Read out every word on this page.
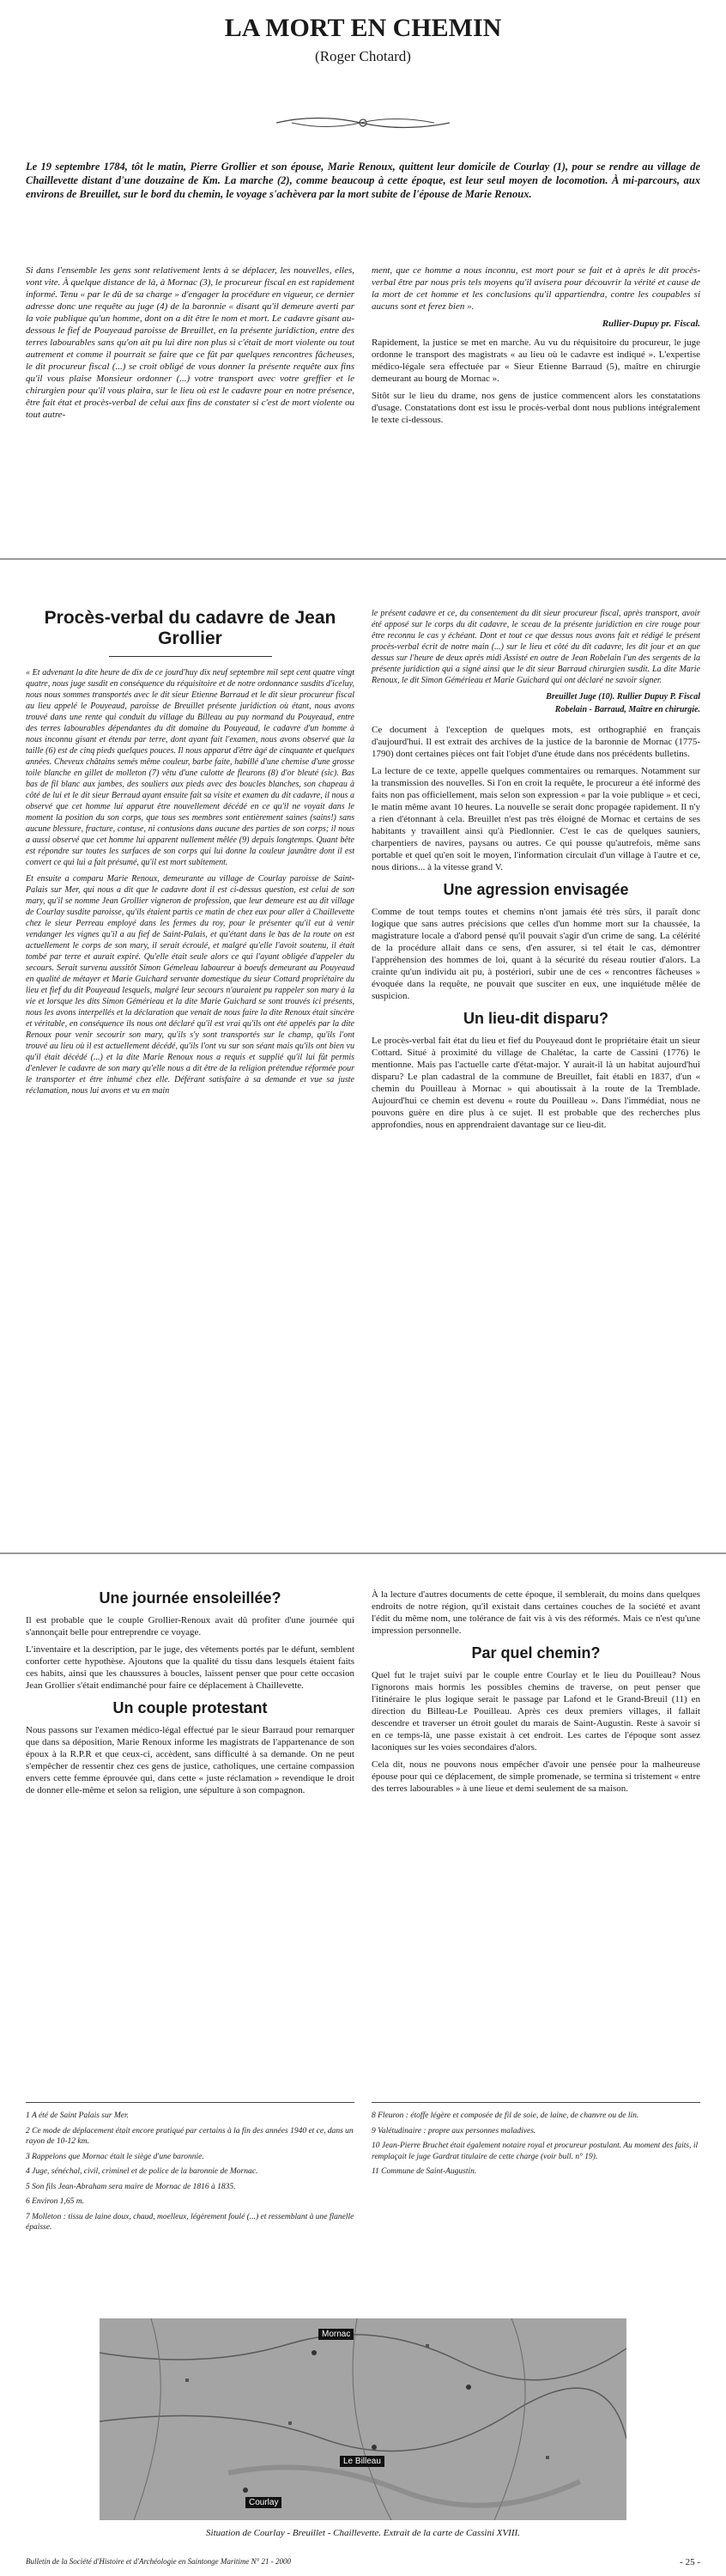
LA MORT EN CHEMIN
(Roger Chotard)
Le 19 septembre 1784, tôt le matin, Pierre Grollier et son épouse, Marie Renoux, quittent leur domicile de Courlay (1), pour se rendre au village de Chaillevette distant d'une douzaine de Km. La marche (2), comme beaucoup à cette époque, est leur seul moyen de locomotion. À mi-parcours, aux environs de Breuillet, sur le bord du chemin, le voyage s'achèvera par la mort subite de l'épouse de Marie Renoux.

Si dans l'ensemble les gens sont relativement lents à se déplacer, les nouvelles, elles, vont vite. À quelque distance de là, à Mornac (3), le procureur fiscal en est rapidement informé. Tenu « par le dû de sa charge » d'engager la procédure en vigueur, ce dernier adresse donc une requête au juge (4) de la baronnie « disant qu'il demeure averti par la voie publique qu'un homme, dont on a dit être le nom et mort. Le cadavre gisant au-dessous le fief de Pouyeaud paroisse de Breuillet, en la présente juridiction, entre des terres labourables sans qu'on ait pu lui dire non plus si c'était de mort violente ou tout autrement et comme il pourrait se faire que ce fût par quelques rencontres fâcheuses, le dit procureur fiscal (...) se croit obligé de vous donner la présente requête aux fins qu'il vous plaise Monsieur ordonner (...) votre transport avec votre greffier et le chirurgien pour qu'il vous plaira, sur le lieu où est le cadavre pour en notre présence, être fait état et procès-verbal de celui aux fins de constater si c'est de mort violente ou tout autre-

ment, que ce homme a nous inconnu, est mort pour se fait et à après le dit procès-verbal être par nous pris tels moyens qu'il avisera pour découvrir la vérité et cause de la mort de cet homme et les conclusions qu'il appartiendra, contre les coupables si aucuns sont et ferez bien ».

Rullier-Dupuy pr. Fiscal.

Rapidement, la justice se met en marche. Au vu du réquisitoire du procureur, le juge ordonne le transport des magistrats « au lieu où le cadavre est indiqué ». L'expertise médico-légale sera effectuée par « Sieur Etienne Barraud (5), maître en chirurgie demeurant au bourg de Mornac ».

Sitôt sur le lieu du drame, nos gens de justice commencent alors les constatations d'usage. Constatations dont est issu le procès-verbal dont nous publions intégralement le texte ci-dessous.

Procès-verbal du cadavre de Jean Grollier

« Et advenant la dite heure de dix de ce jourd'huy dix neuf septembre mil sept cent quatre vingt quatre, nous juge susdit en conséquence du réquisitoire et de notre ordonnance susdits d'iceluy, nous nous sommes transportés avec le dit sieur Etienne Barraud et le dit sieur procureur fiscal au lieu appelé le Pouyeaud, paroisse de Breuillet présente juridiction où étant, nous avons trouvé dans une rente qui conduit du village du Billeau au puy normand du Pouyeaud, entre des terres labourables dépendantes du dit domaine du Pouyeaud, le cadavre d'un homme à nous inconnu gisant et étendu par terre, dont ayant fait l'examen, nous avons observé que la taille (6) est de cinq pieds quelques pouces. Il nous apparut d'être âgé de cinquante et quelques années. Cheveux châtains semés même couleur, barbe faite, habillé d'une chemise d'une grosse toile blanche en gillet de molleton (7) vêtu d'une culotte de fleurons (8) d'or bleuté (sic). Bas bas de fil blanc aux jambes, des souliers aux pieds avec des boucles blanches, son chapeau à côté de lui et le dit sieur Berraud ayant ensuite fait sa visite et examen du dit cadavre, il nous a observé que cet homme lui apparut être nouvellement décédé en ce qu'il ne voyait dans le moment la position du son corps, que tous ses membres sont entièrement saines (sains!) sans aucune blessure, fracture, contuse, ni contusions dans aucune des parties de son corps; il nous a aussi observé que cet homme lui apparent nullement mêlée (9) depuis longtemps. Quant bête est répondre sur toutes les surfaces de son corps qui lui donne la couleur jaunâtre dont il est convert ce qui lui a fait présumé, qu'il est mort subitement.

Et ensuite a comparu Marie Renoux, demeurante au village de Courlay paroisse de Saint-Palais sur Mer, qui nous a dit que le cadavre dont il est ci-dessus question, est celui de son mary, qu'il se nomme Jean Grollier vigneron de profession, que leur demeure est au dit village de Courlay susdite paroisse, qu'ils étaient partis ce matin de chez eux pour aller à Chaillevette chez le sieur Perreau employé dans les fermes du roy, pour le présenter qu'il eut à venir vendanger les vignes qu'il a au fief de Saint-Palais, et qu'étant dans le bas de la route on est actuellement le corps de son mary, il serait écroulé, et malgré qu'elle l'avoit soutenu, il était tombé par terre et aurait expiré. Qu'elle était seule alors ce qui l'ayant obligée d'appeler du secours. Serait survenu aussitôt Simon Gémeleau laboureur à boeufs demeurant au Pouyeaud en qualité de métayer et Marie Guichard servante domestique du sieur Cottard propriétaire du lieu et fief du dit Pouyeaud lesquels, malgré leur secours n'auraient pu rappeler son mary à la vie et lorsque les dits Simon Gémérieau et la dite Marie Guichard se sont trouvés ici présents, nous les avons interpellés et la déclaration que venait de nous faire la dite Renoux était sincère et véritable, en conséquence ils nous ont déclaré qu'il est vrai qu'ils ont été appelés par la dite Renoux pour venir secourir son mary, qu'ils s'y sont transportés sur le champ, qu'ils l'ont trouvé au lieu où il est actuellement décédé, qu'ils l'ont vu sur son séant mais qu'ils ont bien vu qu'il était décédé (...) et la dite Marie Renoux nous a requis et supplié qu'il lui fût permis d'enlever le cadavre de son mary qu'elle nous a dit être de la religion prétendue réformée pour le transporter et être inhumé chez elle. Déférant satisfaire à sa demande et vue sa juste réclamation, nous lui avons et vu en main

le présent cadavre et ce, du consentement du dit sieur procureur fiscal, après transport, avoir été apposé sur le corps du dit cadavre, le sceau de la présente juridiction en cire rouge pour être reconnu le cas y échéant. Dont et tout ce que dessus nous avons fait et rédigé le présent procès-verbal écrit de notre main (...) sur le lieu et côté du dit cadavre, les dit jour et an que dessus sur l'heure de deux après midi Assisté en outre de Jean Robelain l'un des sergents de la présente juridiction qui a signé ainsi que le dit sieur Barraud chirurgien susdit. La dite Marie Renoux, le dit Simon Gémérieau et Marie Guichard qui ont déclaré ne savoir signer.

Breuillet Juge (10). Rullier Dupuy P. Fiscal

Robelain - Barraud, Maître en chirurgie.

Ce document à l'exception de quelques mots, est orthographié en français d'aujourd'hui. Il est extrait des archives de la justice de la baronnie de Mornac (1775-1790) dont certaines pièces ont fait l'objet d'une étude dans nos précédents bulletins.

La lecture de ce texte, appelle quelques commentaires ou remarques. Notamment sur la transmission des nouvelles. Si l'on en croit la requête, le procureur a été informé des faits non pas officiellement, mais selon son expression « par la voie publique » et ceci, le matin même avant 10 heures. La nouvelle se serait donc propagée rapidement. Il n'y a rien d'étonnant à cela. Breuillet n'est pas très éloigné de Mornac et certains de ses habitants y travaillent ainsi qu'à Piedlonnier. C'est le cas de quelques sauniers, charpentiers de navires, paysans ou autres. Ce qui pousse qu'autrefois, même sans portable et quel qu'en soit le moyen, l'information circulait d'un village à l'autre et ce, nous dirions... à la vitesse grand V.

Une agression envisagée

Comme de tout temps toutes et chemins n'ont jamais été très sûrs, il paraît donc logique que sans autres précisions que celles d'un homme mort sur la chaussée, la magistrature locale a d'abord pensé qu'il pouvait s'agir d'un crime de sang. La célérité de la procédure allait dans ce sens, d'en assurer, si tel était le cas, démontrer l'appréhension des hommes de loi, quant à la sécurité du réseau routier d'alors. La crainte qu'un individu ait pu, à postériori, subir une de ces « rencontres fâcheuses » évoquée dans la requête, ne pouvait que susciter en eux, une inquiétude mêlée de suspicion.

Un lieu-dit disparu?

Le procès-verbal fait état du lieu et fief du Pouyeaud dont le propriétaire était un sieur Cottard. Situé à proximité du village de Chalétac, la carte de Cassini (1776) le mentionne. Mais pas l'actuelle carte d'état-major. Y aurait-il là un habitat aujourd'hui disparu? Le plan cadastral de la commune de Breuillet, fait établi en 1837, d'un « chemin du Pouilleau à Mornac » qui aboutissait à la route de la Tremblade. Aujourd'hui ce chemin est devenu « route du Pouilleau ». Dans l'immédiat, nous ne pouvons guère en dire plus à ce sujet. Il est probable que des recherches plus approfondies, nous en apprendraient davantage sur ce lieu-dit.

Une journée ensoleillée?

Il est probable que le couple Grollier-Renoux avait dû profiter d'une journée qui s'annonçait belle pour entreprendre ce voyage.

L'inventaire et la description, par le juge, des vêtements portés par le défunt, semblent conforter cette hypothèse. Ajoutons que la qualité du tissu dans lesquels étaient faits ces habits, ainsi que les chaussures à boucles, laissent penser que pour cette occasion Jean Grollier s'était endimanché pour faire ce déplacement à Chaillevette.

Un couple protestant

Nous passons sur l'examen médico-légal effectué par le sieur Barraud pour remarquer que dans sa déposition, Marie Renoux informe les magistrats de l'appartenance de son époux à la R.P.R et que ceux-ci, accèdent, sans difficulté à sa demande. On ne peut s'empêcher de ressentir chez ces gens de justice, catholiques, une certaine compassion envers cette femme éprouvée qui, dans cette « juste réclamation » revendique le droit de donner elle-même et selon sa religion, une sépulture à son compagnon.

À la lecture d'autres documents de cette époque, il semblerait, du moins dans quelques endroits de notre région, qu'il existait dans certaines couches de la société et avant l'édit du même nom, une tolérance de fait vis à vis des réformés. Mais ce n'est qu'une impression personnelle.

Par quel chemin?

Quel fut le trajet suivi par le couple entre Courlay et le lieu du Pouilleau? Nous l'ignorons mais hormis les possibles chemins de traverse, on peut penser que l'itinéraire le plus logique serait le passage par Lafond et le Grand-Breuil (11) en direction du Billeau-Le Pouilleau. Après ces deux premiers villages, il fallait descendre et traverser un étroit goulet du marais de Saint-Augustin. Reste à savoir si en ce temps-là, une passe existait à cet endroit. Les cartes de l'époque sont assez laconiques sur les voies secondaires d'alors.

Cela dit, nous ne pouvons nous empêcher d'avoir une pensée pour la malheureuse épouse pour qui ce déplacement, de simple promenade, se termina si tristement « entre des terres labourables » à une lieue et demi seulement de sa maison.

1 A été de Saint Palais sur Mer.
2 Ce mode de déplacement était encore pratiqué par certains à la fin des années 1940 et ce, dans un rayon de 10-12 km.
3 Rappelons que Mornac était le siège d'une baronnie.
4 Juge, sénéchal, civil, criminel et de police de la baronnie de Mornac.
5 Son fils Jean-Abraham sera maire de Mornac de 1816 à 1835.
6 Environ 1,65 m.
7 Molleton : tissu de laine doux, chaud, moelleux, légèrement foulé (...) et ressemblant à une flanelle épaisse.
8 Fleuron : étoffe légère et composée de fil de soie, de laine, de chanvre ou de lin.
9 Valétudinaire : propre aux personnes maladives.
10 Jean-Pierre Bruchet était également notaire royal et procureur postulant. Au moment des faits, il remplaçait le juge Gardrat titulaire de cette charge (voir bull. n° 19).
11 Commune de Saint-Augustin.
Mornac
Le Billeau
Courlay
Situation de Courlay - Breuillet - Chaillevette. Extrait de la carte de Cassini XVIII.
Bulletin de la Société d'Histoire et d'Archéologie en Saintonge Maritime N° 21 - 2000	- 25 -
